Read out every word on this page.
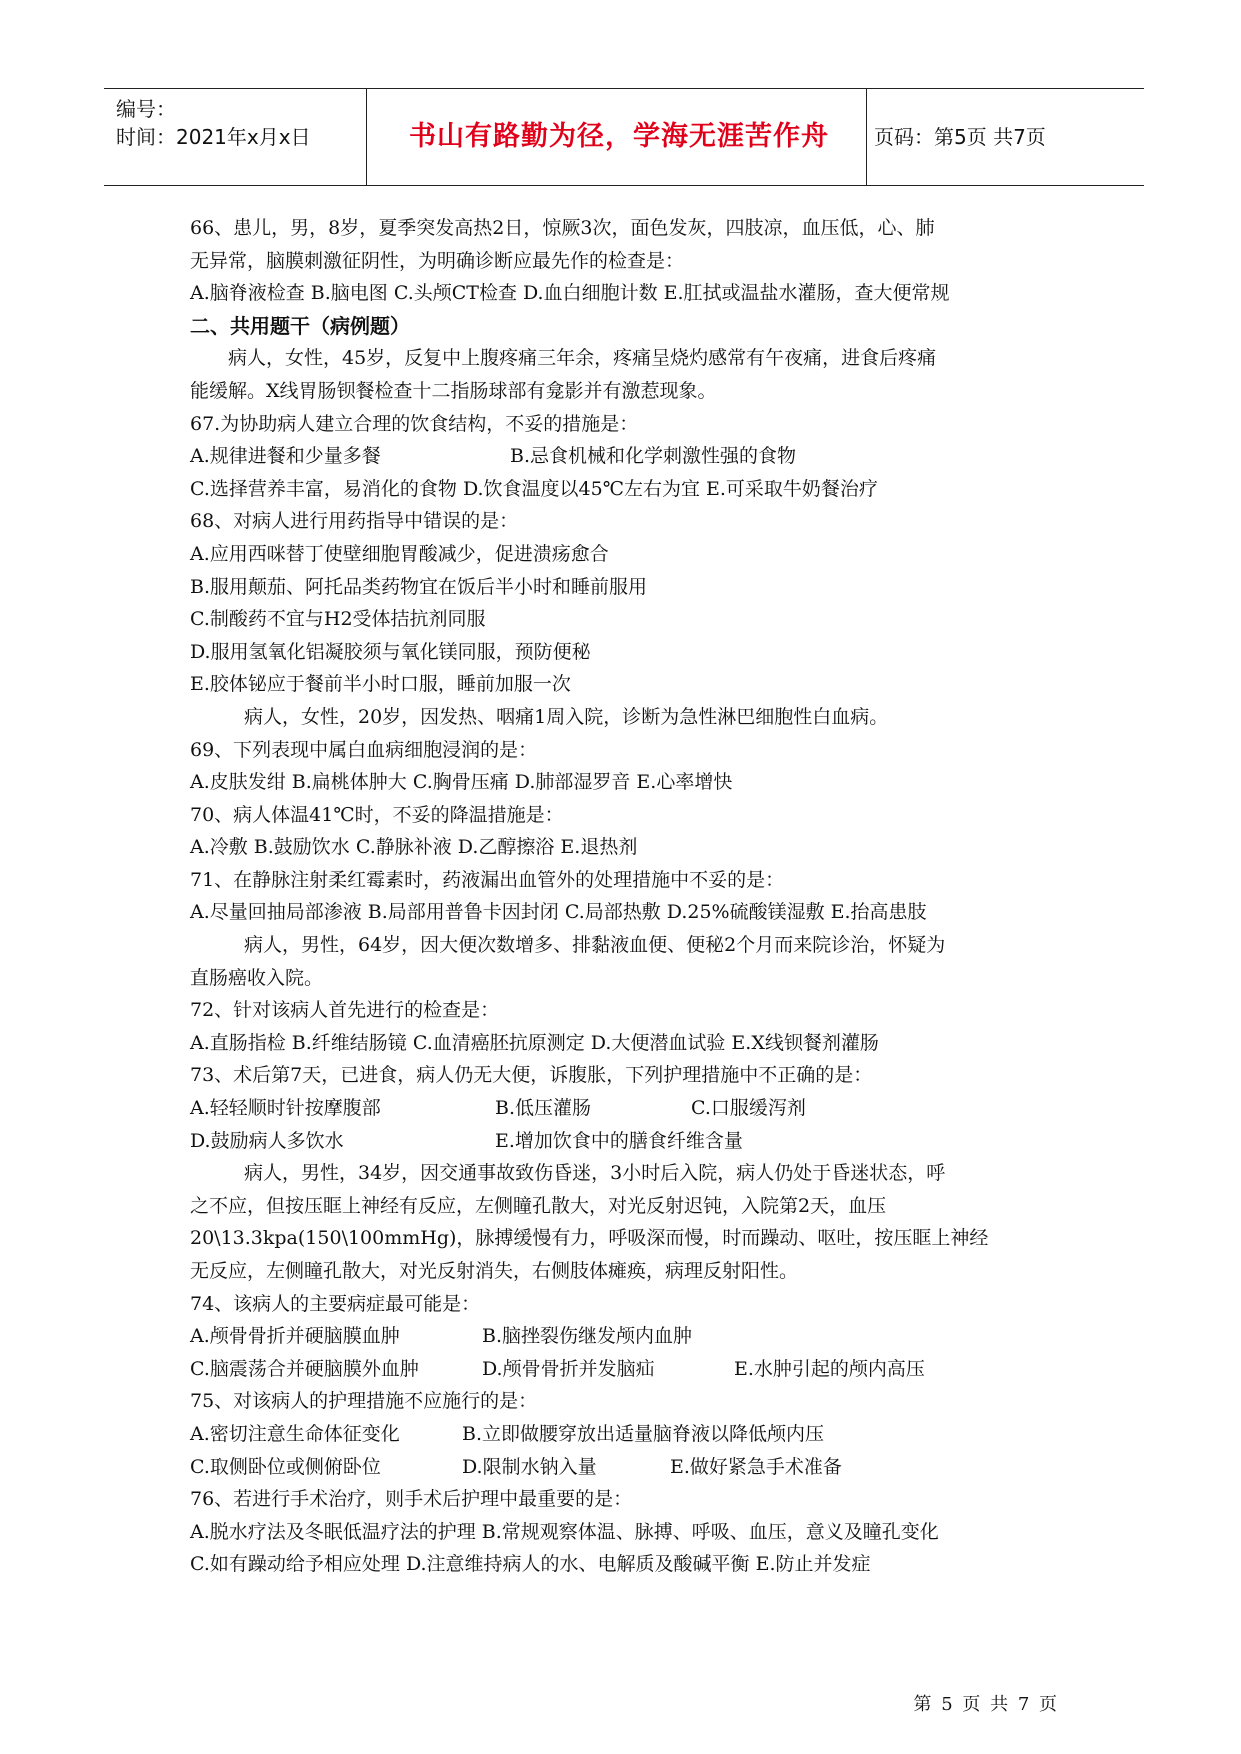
编号：
时间：2021年x月x日	书山有路勤为径，学海无涯苦作舟	页码：第5页 共7页
66、患儿，男，8岁，夏季突发高热2日，惊厥3次，面色发灰，四肢凉，血压低，心、肺
无异常，脑膜刺激征阴性，为明确诊断应最先作的检查是：
A.脑脊液检查 B.脑电图 C.头颅CT检查 D.血白细胞计数 E.肛拭或温盐水灌肠，查大便常规
二、共用题干（病例题）
病人，女性，45岁，反复中上腹疼痛三年余，疼痛呈烧灼感常有午夜痛，进食后疼痛
能缓解。X线胃肠钡餐检查十二指肠球部有龛影并有激惹现象。
67.为协助病人建立合理的饮食结构，不妥的措施是：
A.规律进餐和少量多餐	B.忌食机械和化学刺激性强的食物
C.选择营养丰富，易消化的食物 D.饮食温度以45℃左右为宜 E.可采取牛奶餐治疗
68、对病人进行用药指导中错误的是：
A.应用西咪替丁使壁细胞胃酸减少，促进溃疡愈合
B.服用颠茄、阿托品类药物宜在饭后半小时和睡前服用
C.制酸药不宜与H2受体拮抗剂同服
D.服用氢氧化铝凝胶须与氧化镁同服，预防便秘
E.胶体铋应于餐前半小时口服，睡前加服一次
病人，女性，20岁，因发热、咽痛1周入院，诊断为急性淋巴细胞性白血病。
69、下列表现中属白血病细胞浸润的是：
A.皮肤发绀 B.扁桃体肿大 C.胸骨压痛 D.肺部湿罗音 E.心率增快
70、病人体温41℃时，不妥的降温措施是：
A.冷敷 B.鼓励饮水 C.静脉补液 D.乙醇擦浴 E.退热剂
71、在静脉注射柔红霉素时，药液漏出血管外的处理措施中不妥的是：
A.尽量回抽局部渗液 B.局部用普鲁卡因封闭 C.局部热敷 D.25%硫酸镁湿敷 E.抬高患肢
病人，男性，64岁，因大便次数增多、排黏液血便、便秘2个月而来院诊治，怀疑为
直肠癌收入院。
72、针对该病人首先进行的检查是：
A.直肠指检 B.纤维结肠镜 C.血清癌胚抗原测定 D.大便潜血试验 E.X线钡餐剂灌肠
73、术后第7天，已进食，病人仍无大便，诉腹胀，下列护理措施中不正确的是：
A.轻轻顺时针按摩腹部	B.低压灌肠	C.口服缓泻剂
D.鼓励病人多饮水	E.增加饮食中的膳食纤维含量
病人，男性，34岁，因交通事故致伤昏迷，3小时后入院，病人仍处于昏迷状态，呼
之不应，但按压眶上神经有反应，左侧瞳孔散大，对光反射迟钝，入院第2天，血压
20\13.3kpa(150\100mmHg)，脉搏缓慢有力，呼吸深而慢，时而躁动、呕吐，按压眶上神经
无反应，左侧瞳孔散大，对光反射消失，右侧肢体瘫痪，病理反射阳性。
74、该病人的主要病症最可能是：
A.颅骨骨折并硬脑膜血肿	B.脑挫裂伤继发颅内血肿
C.脑震荡合并硬脑膜外血肿	D.颅骨骨折并发脑疝	E.水肿引起的颅内高压
75、对该病人的护理措施不应施行的是：
A.密切注意生命体征变化	B.立即做腰穿放出适量脑脊液以降低颅内压
C.取侧卧位或侧俯卧位	D.限制水钠入量	E.做好紧急手术准备
76、若进行手术治疗，则手术后护理中最重要的是：
A.脱水疗法及冬眠低温疗法的护理 B.常规观察体温、脉搏、呼吸、血压，意义及瞳孔变化
C.如有躁动给予相应处理 D.注意维持病人的水、电解质及酸碱平衡 E.防止并发症
第 5 页 共 7 页
